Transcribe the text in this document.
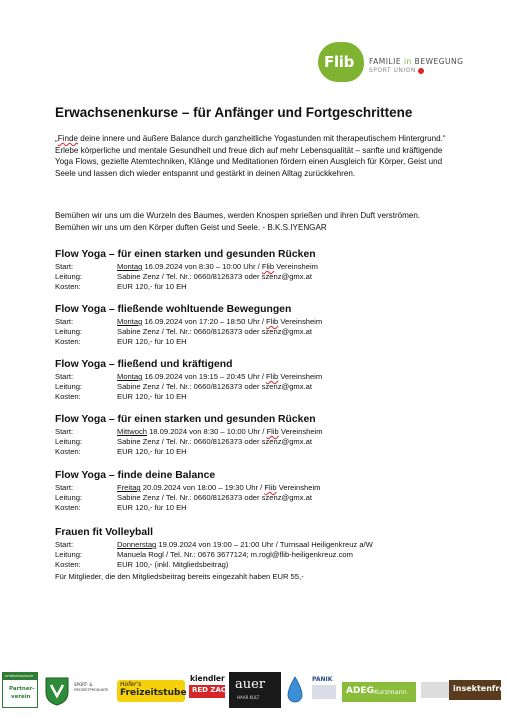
Flib FAMILIE in BEWEGUNG
SPORT UNION
Erwachsenenkurse – für Anfänger und Fortgeschrittene
„Finde deine innere und äußere Balance durch ganzheitliche Yogastunden mit therapeutischem Hintergrund.“ Erlebe körperliche und mentale Gesundheit und freue dich auf mehr Lebensqualität – sanfte und kräftigende Yoga Flows, gezielte Atemtechniken, Klänge und Meditationen fördern einen Ausgleich für Körper, Geist und Seele und lassen dich wieder entspannt und gestärkt in deinen Alltag zurückkehren.
Bemühen wir uns um die Wurzeln des Baumes, werden Knospen sprießen und ihren Duft verströmen. Bemühen wir uns um den Körper duften Geist und Seele. - B.K.S.IYENGAR
Flow Yoga – für einen starken und gesunden Rücken
Start:	Montag 16.09.2024 von 8:30 – 10:00 Uhr / Flib Vereinsheim
Leitung:	Sabine Zenz / Tel. Nr.: 0660/8126373 oder szenz@gmx.at
Kosten:	EUR 120,- für 10 EH
Flow Yoga – fließende wohltuende Bewegungen
Start:	Montag 16.09.2024 von 17:20 – 18:50 Uhr / Flib Vereinsheim
Leitung:	Sabine Zenz / Tel. Nr.: 0660/8126373 oder szenz@gmx.at
Kosten:	EUR 120,- für 10 EH
Flow Yoga – fließend und kräftigend
Start:	Montag 16.09.2024 von 19:15 – 20:45 Uhr / Flib Vereinsheim
Leitung:	Sabine Zenz / Tel. Nr.: 0660/8126373 oder szenz@gmx.at
Kosten:	EUR 120,- für 10 EH
Flow Yoga – für einen starken und gesunden Rücken
Start:	Mittwoch 18.09.2024 von 8:30 – 10:00 Uhr / Flib Vereinsheim
Leitung:	Sabine Zenz / Tel. Nr.: 0660/8126373 oder szenz@gmx.at
Kosten:	EUR 120,- für 10 EH
Flow Yoga – finde deine Balance
Start:	Freitag 20.09.2024 von 18:00 – 19:30 Uhr / Flib Vereinsheim
Leitung:	Sabine Zenz / Tel. Nr.: 0660/8126373 oder szenz@gmx.at
Kosten:	EUR 120,- für 10 EH
Frauen fit Volleyball
Start:	Donnerstag 19.09.2024 von 19:00 – 21:00 Uhr / Turnsaal Heiligenkreuz a/W
Leitung:	Manuela Rogl / Tel. Nr.: 0676 3677124; m.rogl@flib-heiligenkreuz.com
Kosten:	EUR 100,- (inkl. Mitgliedsbeitrag)
Für Mitglieder, die den Mitgliedsbeitrag bereits eingezahlt haben EUR 55,-
STEIERMÄRKISCHE
Partner-
verein
SPORT- &
FREIZEITPRODUKTE
Hofer's
Freizeitstube
kiendler
RED ZAC auer
HAAR KULT
PANIK
ADEG Kurzmann	insektenfrei
